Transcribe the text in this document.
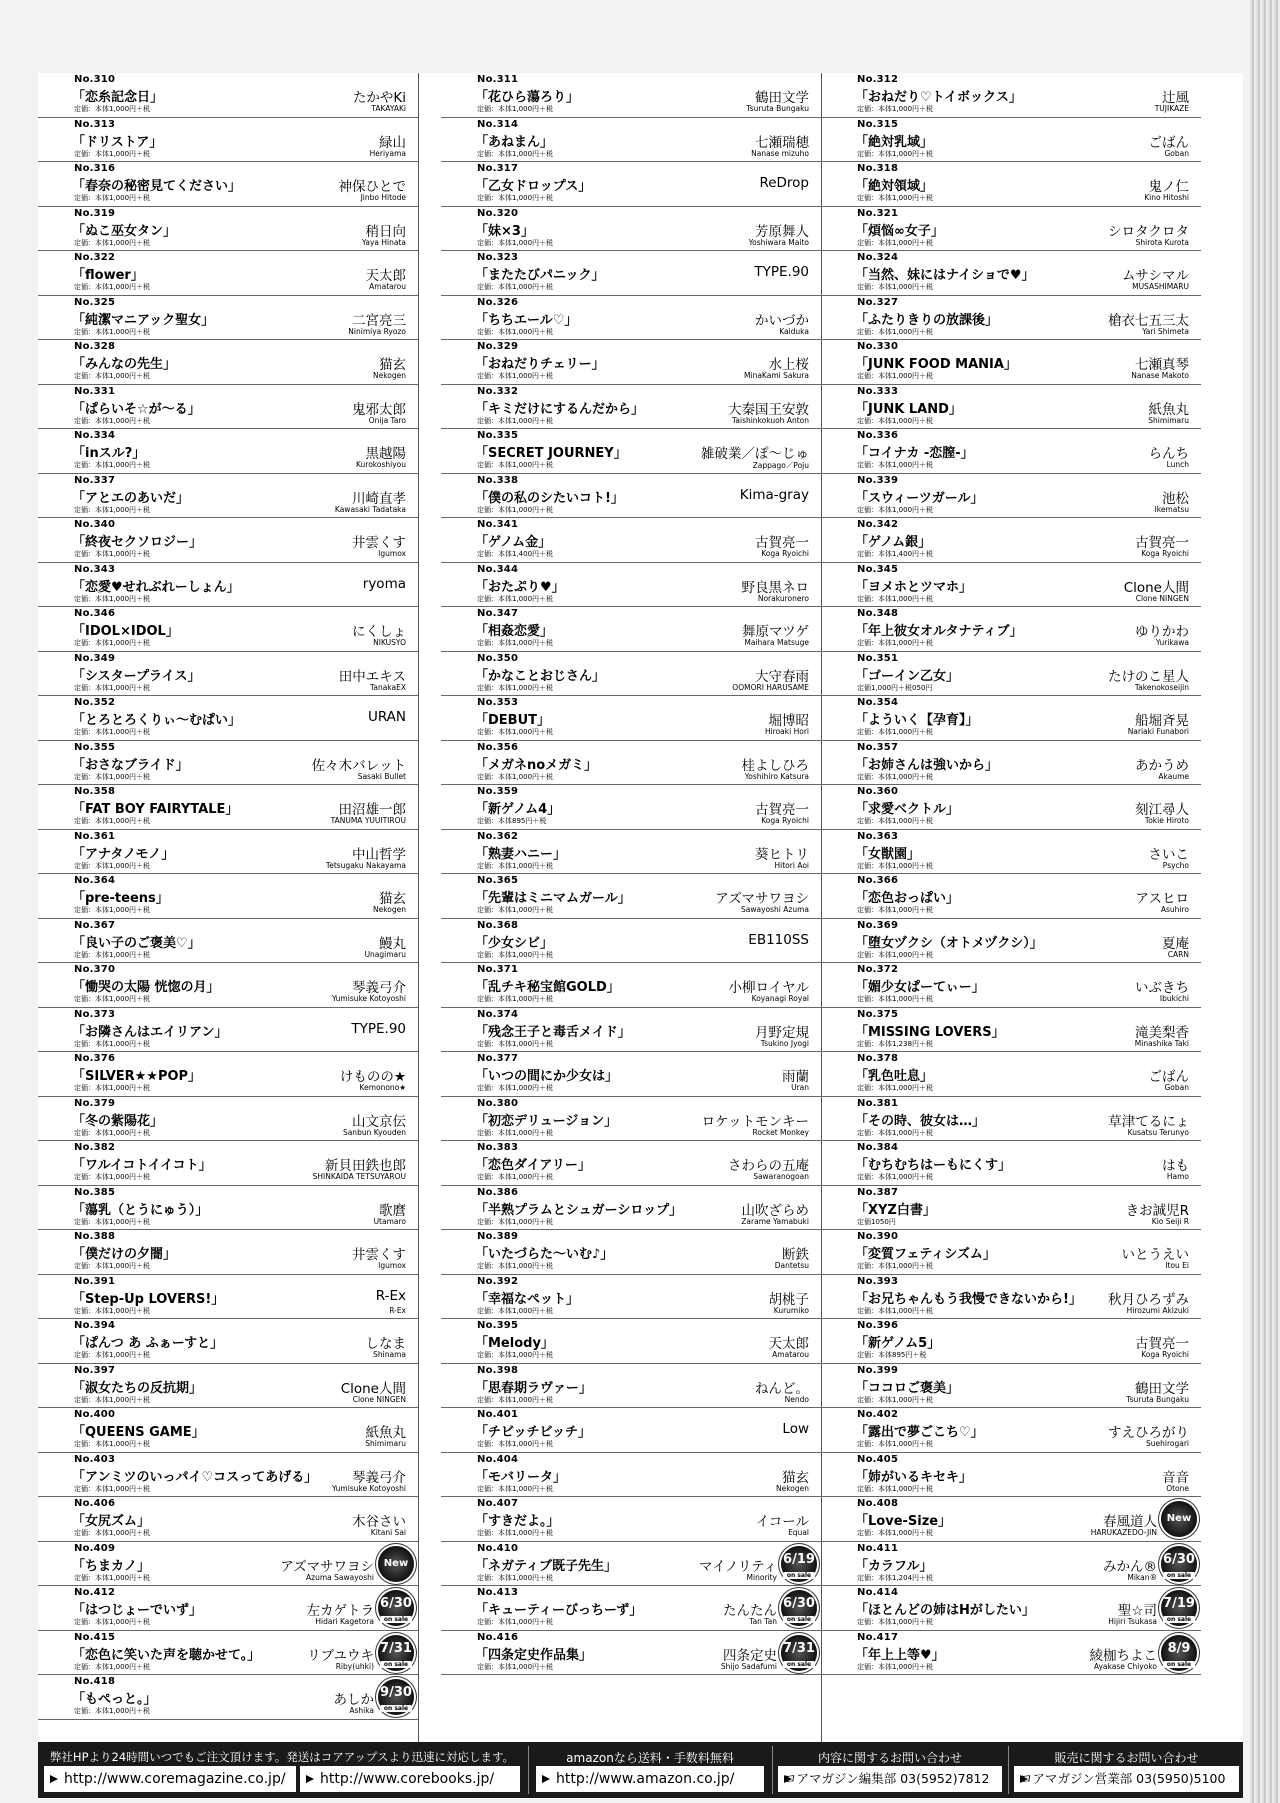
No.310
「恋糸記念日」
定価：本体1,000円＋税
たかやKi
TAKAYAKi
No.313
「ドリストア」
定価：本体1,000円＋税
緑山
Heriyama
No.316
「春奈の秘密見てください」
定価：本体1,000円＋税
神保ひとで
Jinbo Hitode
No.319
「ぬこ巫女タン」
定価：本体1,000円＋税
稍日向
Yaya Hinata
No.322
「flower」
定価：本体1,000円＋税
天太郎
Amatarou
No.325
「純潔マニアック聖女」
定価：本体1,000円＋税
二宮亮三
Ninimiya Ryozo
No.328
「みんなの先生」
定価：本体1,000円＋税
猫玄
Nekogen
No.331
「ぱらいそ☆が～る」
定価：本体1,000円＋税
鬼邪太郎
Onija Taro
No.334
「inスル?」
定価：本体1,000円＋税
黒越陽
Kurokoshiyou
No.337
「アとエのあいだ」
定価：本体1,000円＋税
川崎直孝
Kawasaki Tadataka
No.340
「終夜セクソロジー」
定価：本体1,000円＋税
井雲くす
Igumox
No.343
「恋愛♥せれぶれーしょん」
定価：本体1,000円＋税
ryoma
No.346
「IDOL×IDOL」
定価：本体1,000円＋税
にくしょ
NIKUSYO
No.349
「シスタープライス」
定価：本体1,000円＋税
田中エキス
TanakaEX
No.352
「とろとろくりぃ～むぱい」
定価：本体1,000円＋税
URAN
No.355
「おさなブライド」
定価：本体1,000円＋税
佐々木バレット
Sasaki Bullet
No.358
「FAT BOY FAIRYTALE」
定価：本体1,000円＋税
田沼雄一郎
TANUMA YUUITIROU
No.361
「アナタノモノ」
定価：本体1,000円＋税
中山哲学
Tetsugaku Nakayama
No.364
「pre-teens」
定価：本体1,000円＋税
猫玄
Nekogen
No.367
「良い子のご褒美♡」
定価：本体1,000円＋税
鰻丸
Unagimaru
No.370
「慟哭の太陽 恍惚の月」
定価：本体1,000円＋税
琴義弓介
Yumisuke Kotoyoshi
No.373
「お隣さんはエイリアン」
定価：本体1,000円＋税
TYPE.90
No.376
「SILVER★★POP」
定価：本体1,000円＋税
けものの★
Kemonono★
No.379
「冬の紫陽花」
定価：本体1,000円＋税
山文京伝
Sanbun Kyouden
No.382
「ワルイコトイイコト」
定価：本体1,000円＋税
新貝田鉄也郎
SHINKAIDA TETSUYAROU
No.385
「蕩乳（とうにゅう）」
定価：本体1,000円＋税
歌麿
Utamaro
No.388
「僕だけの夕闇」
定価：本体1,000円＋税
井雲くす
Igumox
No.391
「Step-Up LOVERS!」
定価：本体1,000円＋税
R-Ex
R-Ex
No.394
「ぱんつ あ ふぁーすと」
定価：本体1,000円＋税
しなま
Shinama
No.397
「淑女たちの反抗期」
定価：本体1,000円＋税
Clone人間
Clone NINGEN
No.400
「QUEENS GAME」
定価：本体1,000円＋税
紙魚丸
Shimimaru
No.403
「アンミツのいっパイ♡コスってあげる」
定価：本体1,000円＋税
琴義弓介
Yumisuke Kotoyoshi
No.406
「女尻ズム」
定価：本体1,000円＋税
木谷さい
Kitani Sai
No.409
「ちまカノ」
定価：本体1,000円＋税
アズマサワヨシ
Azuma Sawayoshi
New
No.412
「はつじょーでいず」
定価：本体1,000円＋税
左カゲトラ
Hidari Kagetora
6/30
on sale
No.415
「恋色に笑いた声を聴かせて。」
定価：本体1,000円＋税
リブユウキ
Riby(uhki)
7/31
on sale
No.418
「もぺっと。」
定価：本体1,000円＋税
あしか
Ashika
9/30
on sale
No.311
「花ひら蕩ろり」
定価：本体1,000円＋税
鶴田文学
Tsuruta Bungaku
No.314
「あねまん」
定価：本体1,000円＋税
七瀬瑞穂
Nanase mizuho
No.317
「乙女ドロップス」
定価：本体1,000円＋税
ReDrop
No.320
「妹×3」
定価：本体1,000円＋税
芳原舞人
Yoshiwara Maito
No.323
「またたびパニック」
定価：本体1,000円＋税
TYPE.90
No.326
「ちちエール♡」
定価：本体1,000円＋税
かいづか
Kaiduka
No.329
「おねだりチェリー」
定価：本体1,000円＋税
水上桜
MinaKami Sakura
No.332
「キミだけにするんだから」
定価：本体1,000円＋税
大秦国王安敦
Taishinkokuoh Anton
No.335
「SECRET JOURNEY」
定価：本体1,000円＋税
雑破業／ぽ～じゅ
Zappago／Poju
No.338
「僕の私のシたいコト!」
定価：本体1,000円＋税
Kima-gray
No.341
「ゲノム金」
定価：本体1,400円＋税
古賀亮一
Koga Ryoichi
No.344
「おたぷり♥」
定価：本体1,000円＋税
野良黒ネロ
Norakuronero
No.347
「相姦恋愛」
定価：本体1,000円＋税
舞原マツゲ
Maihara Matsuge
No.350
「かなことおじさん」
定価：本体1,000円＋税
大守春雨
OOMORI HARUSAME
No.353
「DEBUT」
定価：本体1,000円＋税
堀博昭
Hiroaki Hori
No.356
「メガネnoメガミ」
定価：本体1,000円＋税
桂よしひろ
Yoshihiro Katsura
No.359
「新ゲノム4」
定価：本体895円＋税
古賀亮一
Koga Ryoichi
No.362
「熟妻ハニー」
定価：本体1,000円＋税
葵ヒトリ
Hitori Aoi
No.365
「先輩はミニマムガール」
定価：本体1,000円＋税
アズマサワヨシ
Sawayoshi Azuma
No.368
「少女シビ」
定価：本体1,000円＋税
EB110SS
No.371
「乱チキ秘宝館GOLD」
定価：本体1,000円＋税
小柳ロイヤル
Koyanagi Royal
No.374
「残念王子と毒舌メイド」
定価：本体1,000円＋税
月野定規
Tsukino Jyogi
No.377
「いつの間にか少女は」
定価：本体1,000円＋税
雨蘭
Uran
No.380
「初恋デリュージョン」
定価：本体1,000円＋税
ロケットモンキー
Rocket Monkey
No.383
「恋色ダイアリー」
定価：本体1,000円＋税
さわらの五庵
Sawaranogoan
No.386
「半熟プラムとシュガーシロップ」
定価：本体1,000円＋税
山吹ざらめ
Zarame Yamabuki
No.389
「いたづらた～いむ♪」
定価：本体1,000円＋税
断鉄
Dantetsu
No.392
「幸福なペット」
定価：本体1,000円＋税
胡桃子
Kurumiko
No.395
「Melody」
定価：本体1,000円＋税
天太郎
Amatarou
No.398
「思春期ラヴァー」
定価：本体1,000円＋税
ねんど。
Nendo
No.401
「チビッチビッチ」
定価：本体1,000円＋税
Low
No.404
「モバリータ」
定価：本体1,000円＋税
猫玄
Nekogen
No.407
「すきだよ。」
定価：本体1,000円＋税
イコール
Equal
No.410
「ネガティブ既子先生」
定価：本体1,000円＋税
マイノリティ
Minority
6/19
on sale
No.413
「キューティーびっちーず」
定価：本体1,000円＋税
たんたん
Tan Tan
6/30
on sale
No.416
「四条定史作品集」
定価：本体1,000円＋税
四条定史
Shijo Sadafumi
7/31
on sale
No.312
「おねだり♡トイボックス」
定価：本体1,000円＋税
辻風
TUJIKAZE
No.315
「絶対乳域」
定価：本体1,000円＋税
ごばん
Goban
No.318
「絶対領域」
定価：本体1,000円＋税
鬼ノ仁
Kino Hitoshi
No.321
「煩悩∞女子」
定価：本体1,000円＋税
シロタクロタ
Shirota Kurota
No.324
「当然、妹にはナイショで♥」
定価：本体1,000円＋税
ムサシマル
MUSASHIMARU
No.327
「ふたりきりの放課後」
定価：本体1,000円＋税
槍衣七五三太
Yari Shimeta
No.330
「JUNK FOOD MANIA」
定価：本体1,000円＋税
七瀬真琴
Nanase Makoto
No.333
「JUNK LAND」
定価：本体1,000円＋税
紙魚丸
Shimimaru
No.336
「コイナカ -恋膣-」
定価：本体1,000円＋税
らんち
Lunch
No.339
「スウィーツガール」
定価：本体1,000円＋税
池松
Ikematsu
No.342
「ゲノム銀」
定価：本体1,400円＋税
古賀亮一
Koga Ryoichi
No.345
「ヨメホとツマホ」
定価：本体1,000円＋税
Clone人間
Clone NINGEN
No.348
「年上彼女オルタナティブ」
定価：本体1,000円＋税
ゆりかわ
Yurikawa
No.351
「ゴーイン乙女」
定価1,000円＋税050円
たけのこ星人
Takenokoseijin
No.354
「よういく【孕育】」
定価：本体1,000円＋税
船堀斉晃
Nariaki Funabori
No.357
「お姉さんは強いから」
定価：本体1,000円＋税
あかうめ
Akaume
No.360
「求愛ベクトル」
定価：本体1,000円＋税
刻江尋人
Tokie Hiroto
No.363
「女獣園」
定価：本体1,000円＋税
さいこ
Psycho
No.366
「恋色おっぱい」
定価：本体1,000円＋税
アスヒロ
Asuhiro
No.369
「堕女ヅクシ（オトメヅクシ）」
定価：本体1,000円＋税
夏庵
CARN
No.372
「媚少女ぱーてぃー」
定価：本体1,000円＋税
いぶきち
Ibukichi
No.375
「MISSING LOVERS」
定価：本体1,238円＋税
滝美梨香
Minashika Taki
No.378
「乳色吐息」
定価：本体1,000円＋税
ごばん
Goban
No.381
「その時、彼女は…」
定価：本体1,000円＋税
草津てるにょ
Kusatsu Terunyo
No.384
「むちむちはーもにくす」
定価：本体1,000円＋税
はも
Hamo
No.387
「XYZ白書」
定価1050円
きお誠児R
Kio Seiji R
No.390
「変質フェティシズム」
定価：本体1,000円＋税
いとうえい
Itou Ei
No.393
「お兄ちゃんもう我慢できないから!」
定価：本体1,000円＋税
秋月ひろずみ
Hirozumi Akizuki
No.396
「新ゲノム5」
定価：本体895円＋税
古賀亮一
Koga Ryoichi
No.399
「ココロご褒美」
定価：本体1,000円＋税
鶴田文学
Tsuruta Bungaku
No.402
「露出で夢ごこち♡」
定価：本体1,000円＋税
すえひろがり
Suehirogari
No.405
「姉がいるキセキ」
定価：本体1,000円＋税
音音
Otone
No.408
「Love-Size」
定価：本体1,000円＋税
春風道人
HARUKAZEDO-JIN
New
No.411
「カラフル」
定価：本体1,204円＋税
みかん®
Mikan®
6/30
on sale
No.414
「ほとんどの姉はHがしたい」
定価：本体1,000円＋税
聖☆司
Hijiri Tsukasa
7/19
on sale
No.417
「年上上等♥」
定価：本体1,000円＋税
綾枷ちよこ
Ayakase Chiyoko
8/9
on sale
弊社HPより24時間いつでもご注文頂けます。発送はコアアップスより迅速に対応します。
http://www.coremagazine.co.jp/	http://www.corebooks.jp/
amazonなら送料・手数料無料
http://www.amazon.co.jp/
内容に関するお問い合わせ
コアマガジン編集部 03(5952)7812
販売に関するお問い合わせ
コアマガジン営業部 03(5950)5100
